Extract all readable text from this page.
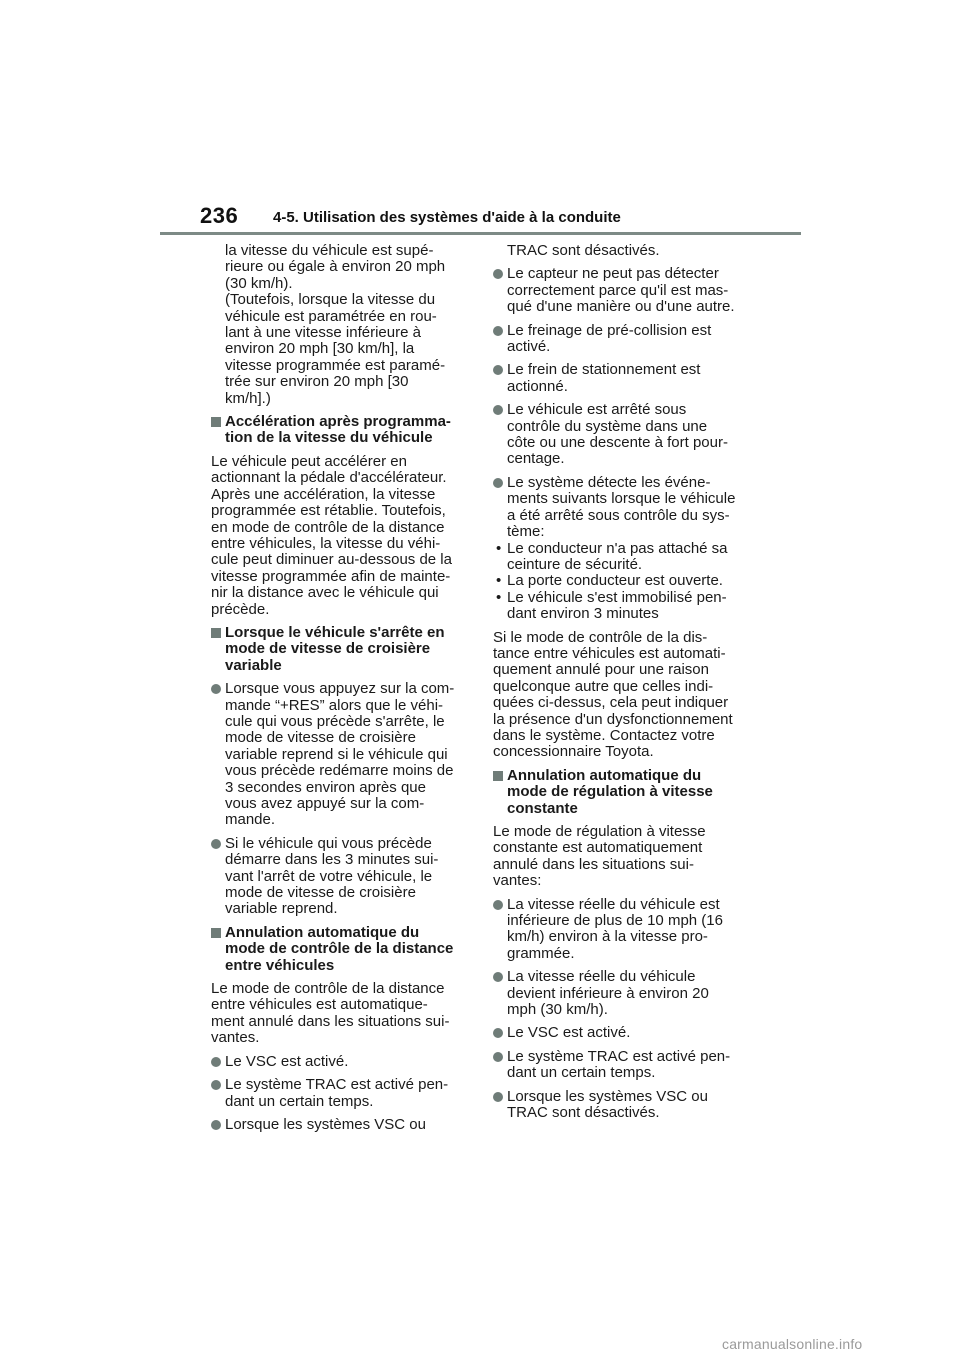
236 4-5. Utilisation des systèmes d'aide à la conduite
la vitesse du véhicule est supé-
rieure ou égale à environ 20 mph
(30 km/h).
(Toutefois, lorsque la vitesse du
véhicule est paramétrée en rou-
lant à une vitesse inférieure à
environ 20 mph [30 km/h], la
vitesse programmée est paramé-
trée sur environ 20 mph [30
km/h].)
Accélération après programma-
tion de la vitesse du véhicule
Le véhicule peut accélérer en
actionnant la pédale d'accélérateur.
Après une accélération, la vitesse
programmée est rétablie. Toutefois,
en mode de contrôle de la distance
entre véhicules, la vitesse du véhi-
cule peut diminuer au-dessous de la
vitesse programmée afin de mainte-
nir la distance avec le véhicule qui
précède.
Lorsque le véhicule s'arrête en
mode de vitesse de croisière
variable
Lorsque vous appuyez sur la com-
mande “+RES” alors que le véhi-
cule qui vous précède s'arrête, le
mode de vitesse de croisière
variable reprend si le véhicule qui
vous précède redémarre moins de
3 secondes environ après que
vous avez appuyé sur la com-
mande.
Si le véhicule qui vous précède
démarre dans les 3 minutes sui-
vant l'arrêt de votre véhicule, le
mode de vitesse de croisière
variable reprend.
Annulation automatique du
mode de contrôle de la distance
entre véhicules
Le mode de contrôle de la distance
entre véhicules est automatique-
ment annulé dans les situations sui-
vantes.
Le VSC est activé.
Le système TRAC est activé pen-
dant un certain temps.
Lorsque les systèmes VSC ou
TRAC sont désactivés.
Le capteur ne peut pas détecter
correctement parce qu'il est mas-
qué d'une manière ou d'une autre.
Le freinage de pré-collision est
activé.
Le frein de stationnement est
actionné.
Le véhicule est arrêté sous
contrôle du système dans une
côte ou une descente à fort pour-
centage.
Le système détecte les événe-
ments suivants lorsque le véhicule
a été arrêté sous contrôle du sys-
tème:
• Le conducteur n'a pas attaché sa
ceinture de sécurité.
• La porte conducteur est ouverte.
• Le véhicule s'est immobilisé pen-
dant environ 3 minutes
Si le mode de contrôle de la dis-
tance entre véhicules est automati-
quement annulé pour une raison
quelconque autre que celles indi-
quées ci-dessus, cela peut indiquer
la présence d'un dysfonctionnement
dans le système. Contactez votre
concessionnaire Toyota.
Annulation automatique du
mode de régulation à vitesse
constante
Le mode de régulation à vitesse
constante est automatiquement
annulé dans les situations sui-
vantes:
La vitesse réelle du véhicule est
inférieure de plus de 10 mph (16
km/h) environ à la vitesse pro-
grammée.
La vitesse réelle du véhicule
devient inférieure à environ 20
mph (30 km/h).
Le VSC est activé.
Le système TRAC est activé pen-
dant un certain temps.
Lorsque les systèmes VSC ou
TRAC sont désactivés.
carmanualsonline.info
